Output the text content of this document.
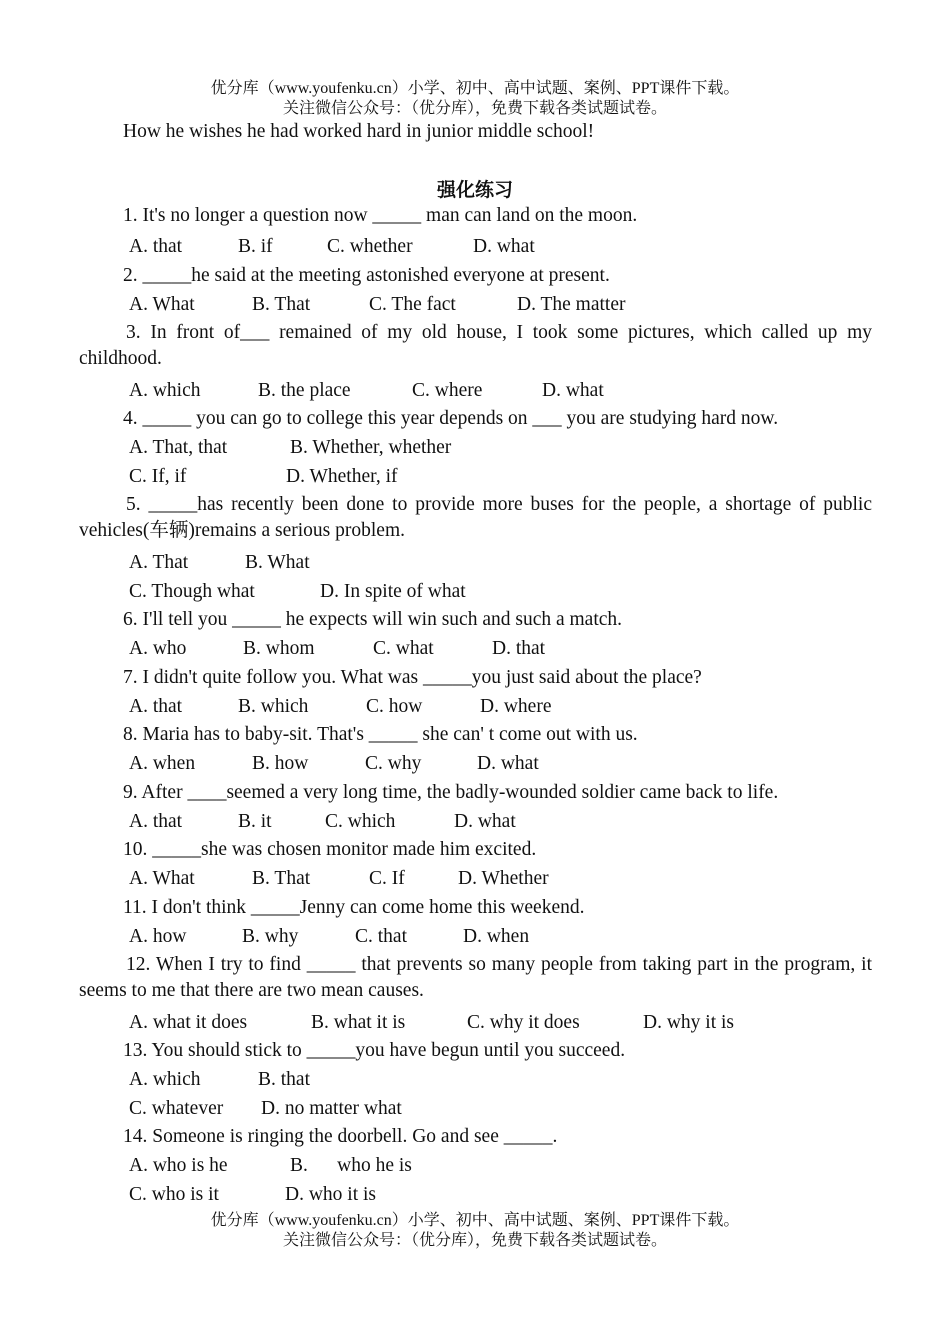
优分库（www.youfenku.cn）小学、初中、高中试题、案例、PPT课件下载。
关注微信公众号：（优分库），免费下载各类试题试卷。
How he wishes he had worked hard in junior middle school!
强化练习
1. It's no longer a question now _____ man can land on the moon.
A. that	B. if	C. whether	D. what
2. _____he said at the meeting astonished everyone at present.
A. What	B. That	C. The fact	D. The matter
3. In front of___ remained of my old house, I took some pictures, which called up my childhood.
A. which	B. the place	C. where	D. what
4. _____ you can go to college this year depends on ___ you are studying hard now.
A. That, that	B. Whether, whether
C. If, if	D. Whether, if
5. _____has recently been done to provide more buses for the people, a shortage of public vehicles(车辆)remains a serious problem.
A. That	B. What
C. Though what	D. In spite of what
6. I'll tell you _____ he expects will win such and such a match.
A. who	B. whom	C. what	D. that
7. I didn't quite follow you. What was _____you just said about the place?
A. that	B. which	C. how	D. where
8. Maria has to baby-sit. That's _____ she can' t come out with us.
A. when	B. how	C. why	D. what
9. After ____seemed a very long time, the badly-wounded soldier came back to life.
A. that	B. it	C. which	D. what
10. _____she was chosen monitor made him excited.
A. What	B. That	C. If	D. Whether
11. I don't think _____Jenny can come home this weekend.
A. how	B. why	C. that	D. when
12. When I try to find _____ that prevents so many people from taking part in the program, it seems to me that there are two mean causes.
A. what it does	B. what it is	C. why it does	D. why it is
13. You should stick to _____you have begun until you succeed.
A. which	B. that
C. whatever D. no matter what
14. Someone is ringing the doorbell. Go and see _____.
A. who is he	B.      who he is
C. who is it	D. who it is
优分库（www.youfenku.cn）小学、初中、高中试题、案例、PPT课件下载。
关注微信公众号：（优分库），免费下载各类试题试卷。
